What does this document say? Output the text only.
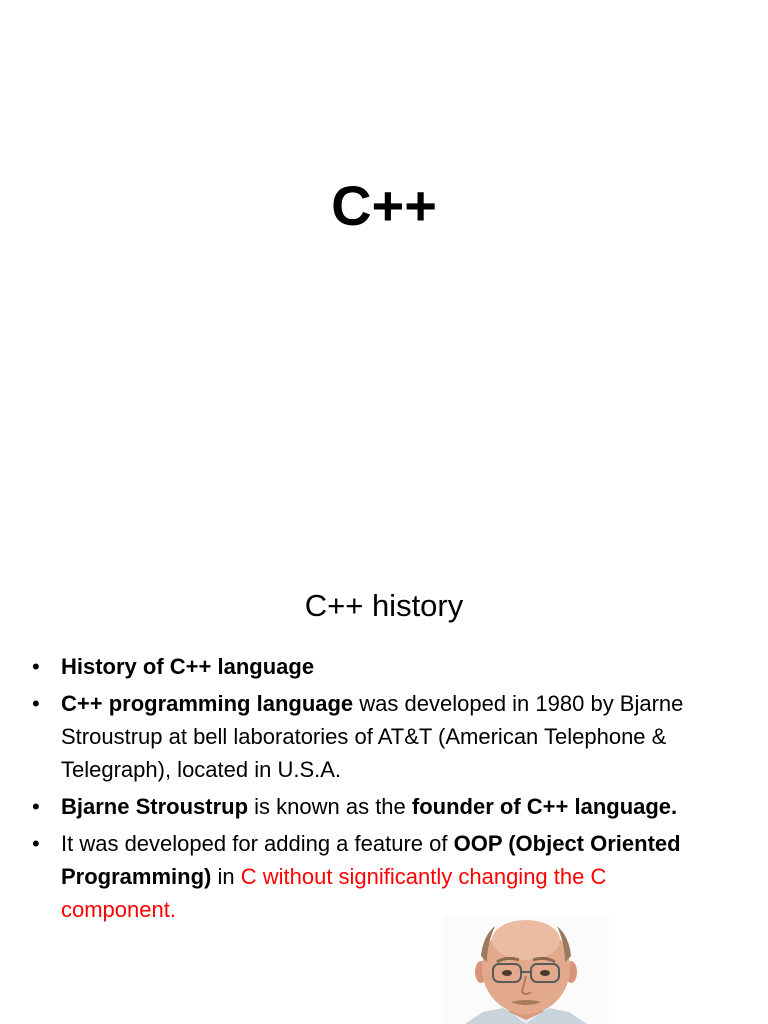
C++
C++ history
• History of C++ language
• C++ programming language was developed in 1980 by Bjarne Stroustrup at bell laboratories of AT&T (American Telephone & Telegraph), located in U.S.A.
• Bjarne Stroustrup is known as the founder of C++ language.
• It was developed for adding a feature of OOP (Object Oriented Programming) in C without significantly changing the C component.
